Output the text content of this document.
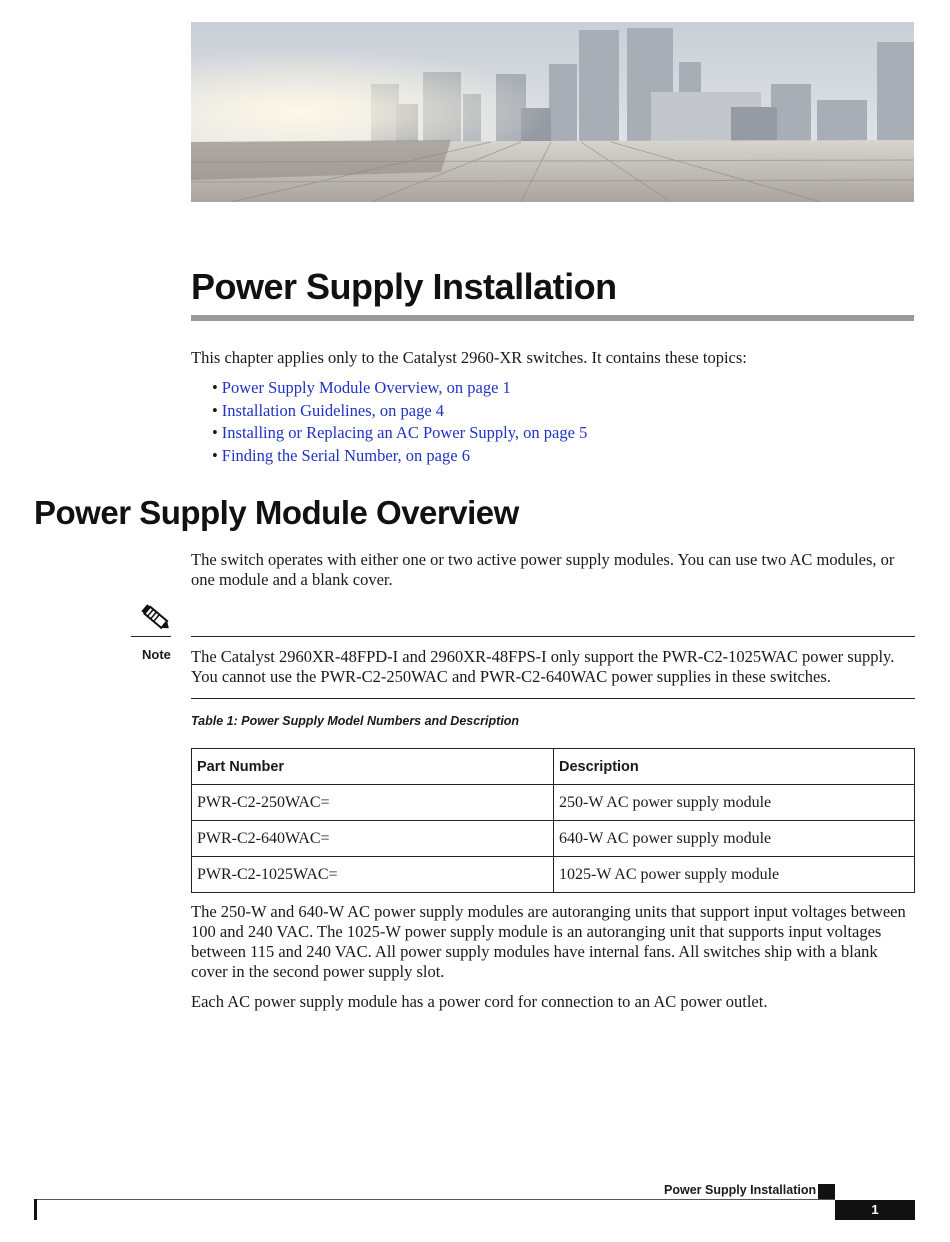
Power Supply Installation

This chapter applies only to the Catalyst 2960-XR switches. It contains these topics:

• Power Supply Module Overview, on page 1
• Installation Guidelines, on page 4
• Installing or Replacing an AC Power Supply, on page 5
• Finding the Serial Number, on page 6
Power Supply Module Overview

The switch operates with either one or two active power supply modules. You can use two AC modules, or one module and a blank cover.

Note The Catalyst 2960XR-48FPD-I and 2960XR-48FPS-I only support the PWR-C2-1025WAC power supply. You cannot use the PWR-C2-250WAC and PWR-C2-640WAC power supplies in these switches.

Table 1: Power Supply Model Numbers and Description

Part Number	Description
PWR-C2-250WAC=	250-W AC power supply module
PWR-C2-640WAC=	640-W AC power supply module
PWR-C2-1025WAC=	1025-W AC power supply module

The 250-W and 640-W AC power supply modules are autoranging units that support input voltages between 100 and 240 VAC. The 1025-W power supply module is an autoranging unit that supports input voltages between 115 and 240 VAC. All power supply modules have internal fans. All switches ship with a blank cover in the second power supply slot.

Each AC power supply module has a power cord for connection to an AC power outlet.

Power Supply Installation
1
